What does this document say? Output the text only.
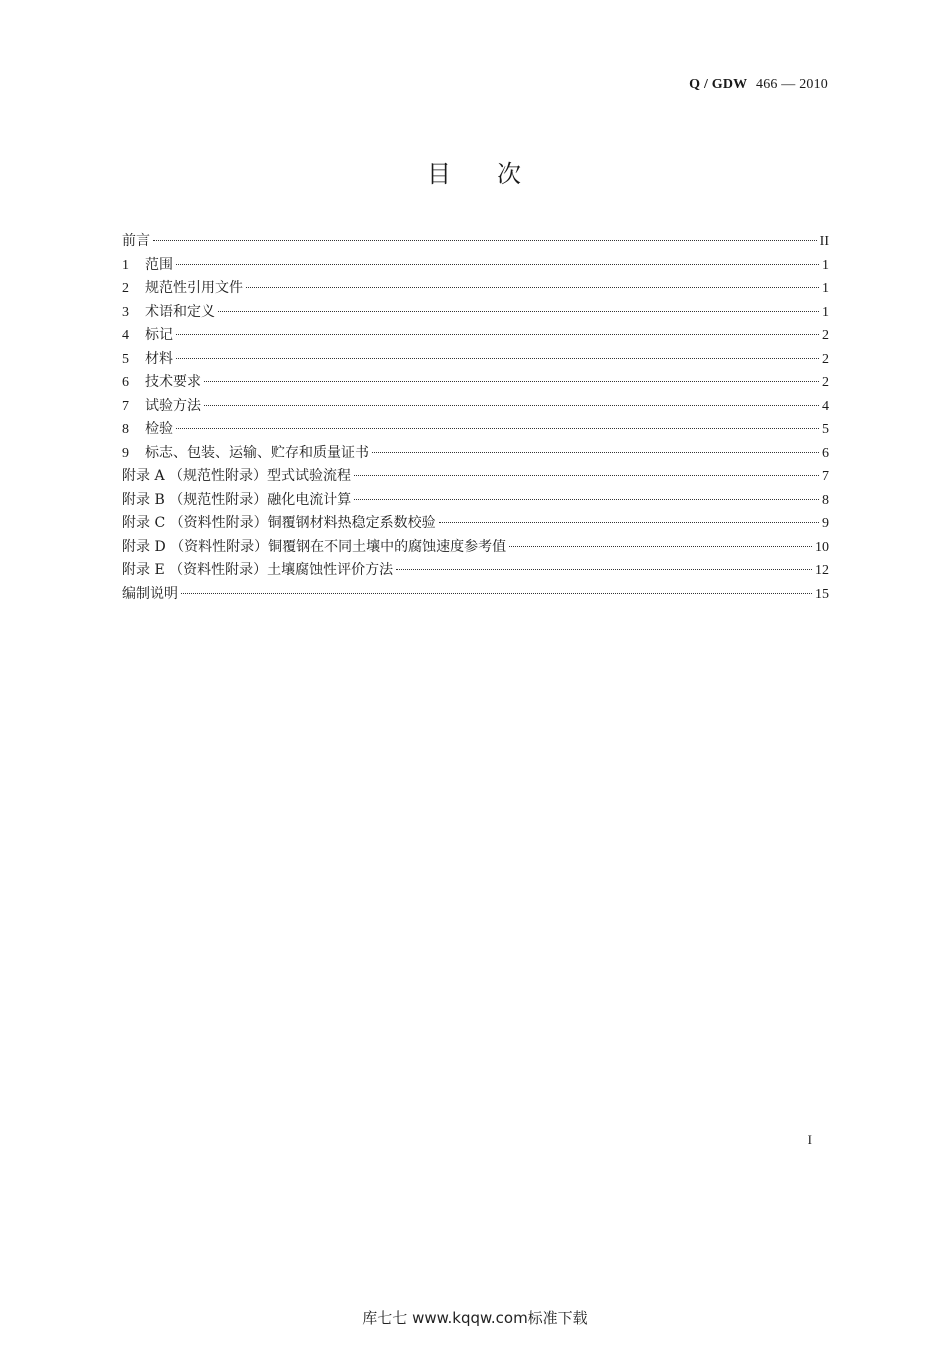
Q / GDW 466 — 2010
目 次
前言	II
1	范围	1
2	规范性引用文件	1
3	术语和定义	1
4	标记	2
5	材料	2
6	技术要求	2
7	试验方法	4
8	检验	5
9	标志、包装、运输、贮存和质量证书	6
附录 A （规范性附录）型式试验流程	7
附录 B （规范性附录）融化电流计算	8
附录 C （资料性附录）铜覆钢材料热稳定系数校验	9
附录 D （资料性附录）铜覆钢在不同土壤中的腐蚀速度参考值	10
附录 E （资料性附录）土壤腐蚀性评价方法	12
编制说明	15
I
库七七 www.kqqw.com标准下载
